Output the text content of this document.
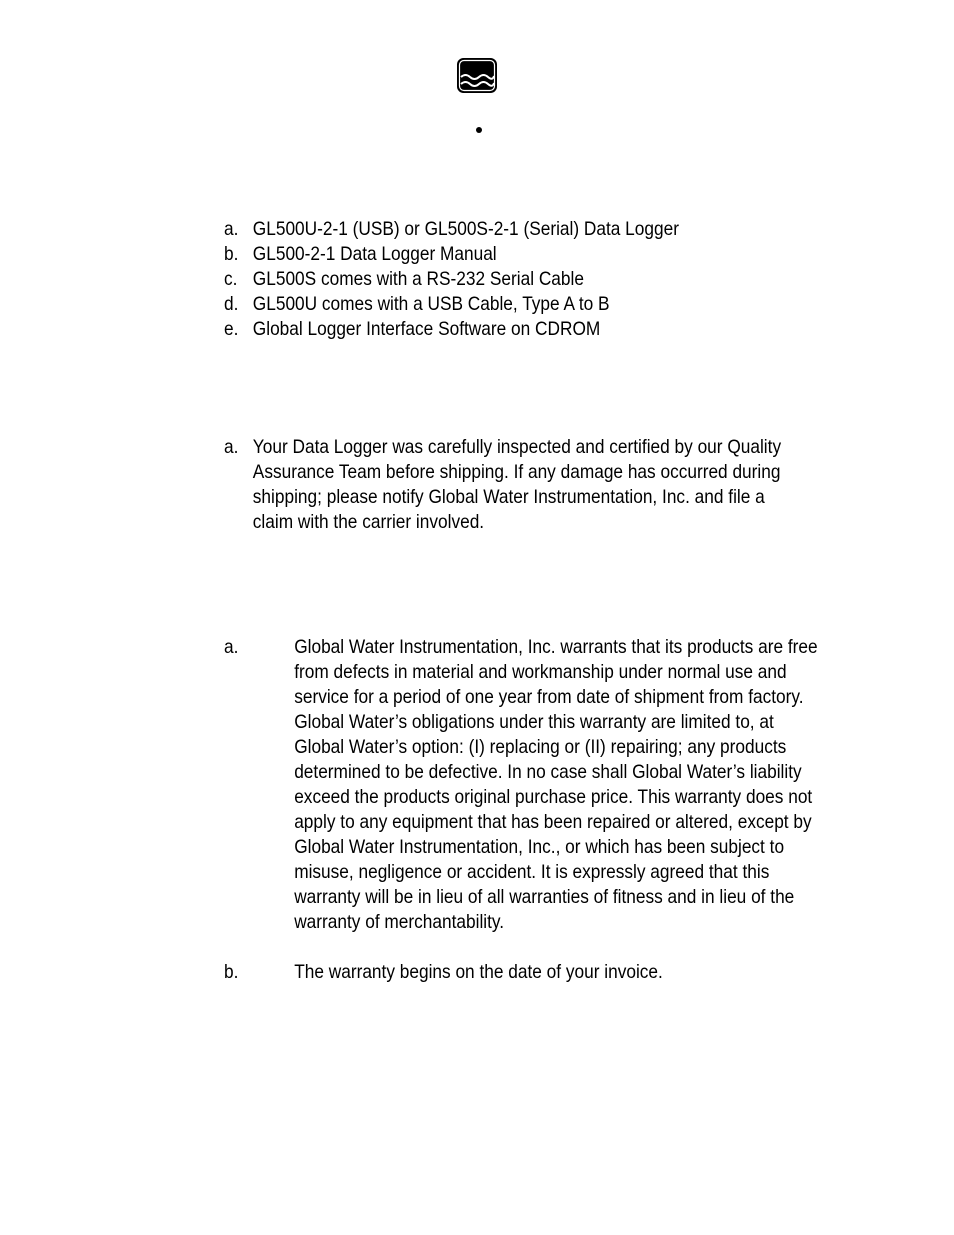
a. GL500U-2-1 (USB) or GL500S-2-1 (Serial) Data Logger
b. GL500-2-1 Data Logger Manual
c. GL500S comes with a RS-232 Serial Cable
d. GL500U comes with a USB Cable, Type A to B
e. Global Logger Interface Software on CDROM
a. Your Data Logger was carefully inspected and certified by our Quality Assurance Team before shipping. If any damage has occurred during shipping; please notify Global Water Instrumentation, Inc. and file a claim with the carrier involved.
a.	Global Water Instrumentation, Inc. warrants that its products are free from defects in material and workmanship under normal use and service for a period of one year from date of shipment from factory. Global Water’s obligations under this warranty are limited to, at Global Water’s option: (I) replacing or (II) repairing; any products determined to be defective. In no case shall Global Water’s liability exceed the products original purchase price. This warranty does not apply to any equipment that has been repaired or altered, except by Global Water Instrumentation, Inc., or which has been subject to misuse, negligence or accident. It is expressly agreed that this warranty will be in lieu of all warranties of fitness and in lieu of the warranty of merchantability.
b.	The warranty begins on the date of your invoice.
